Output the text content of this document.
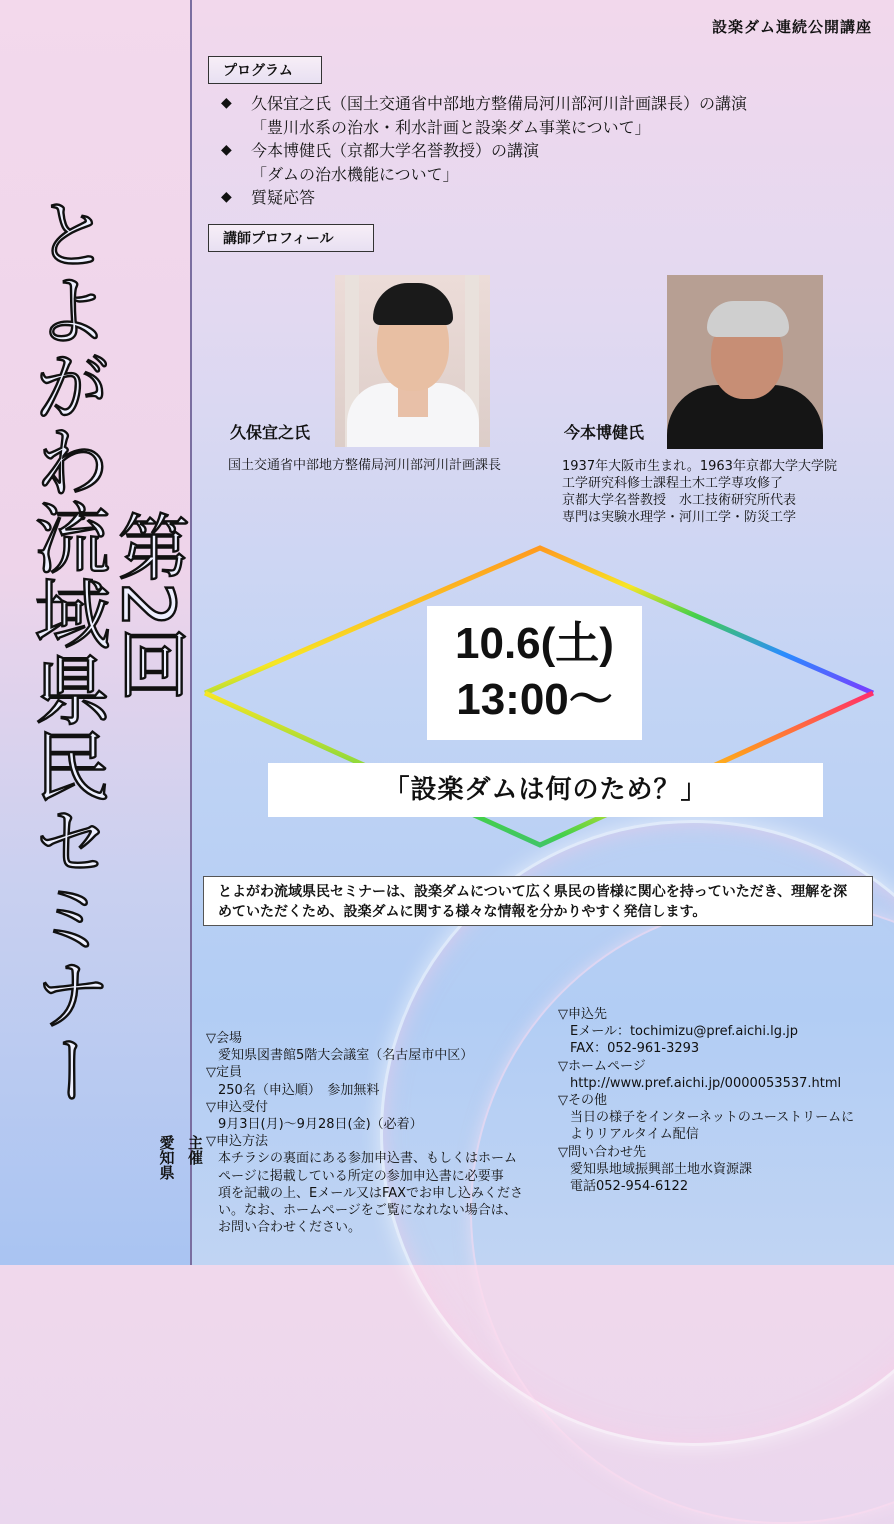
とよがわ流域県民セミナー
第2回
主催
愛知県
設楽ダム連続公開講座
プログラム
◆ 久保宜之氏（国土交通省中部地方整備局河川部河川計画課長）の講演
「豊川水系の治水・利水計画と設楽ダム事業について」
◆ 今本博健氏（京都大学名誉教授）の講演
「ダムの治水機能について」
◆ 質疑応答
講師プロフィール
久保宜之氏
国土交通省中部地方整備局河川部河川計画課長
今本博健氏
1937年大阪市生まれ。1963年京都大学大学院
工学研究科修士課程土木工学専攻修了
京都大学名誉教授　水工技術研究所代表
専門は実験水理学・河川工学・防災工学
10.6(土)
13:00～
「設楽ダムは何のため？」
とよがわ流域県民セミナーは、設楽ダムについて広く県民の皆様に関心を持っていただき、理解を深めていただくため、設楽ダムに関する様々な情報を分かりやすく発信します。
▽会場
愛知県図書館5階大会議室（名古屋市中区）
▽定員
250名（申込順）　参加無料
▽申込受付
9月3日(月)～9月28日(金)（必着）
▽申込方法
本チラシの裏面にある参加申込書、もしくはホーム
ページに掲載している所定の参加申込書に必要事
項を記載の上、Eメール又はFAXでお申し込みくださ
い。なお、ホームページをご覧になれない場合は、
お問い合わせください。
▽申込先
Eメール：tochimizu@pref.aichi.lg.jp
FAX：052-961-3293
▽ホームページ
http://www.pref.aichi.jp/0000053537.html
▽その他
当日の様子をインターネットのユーストリームに
よりリアルタイム配信
▽問い合わせ先
愛知県地域振興部土地水資源課
電話052-954-6122
